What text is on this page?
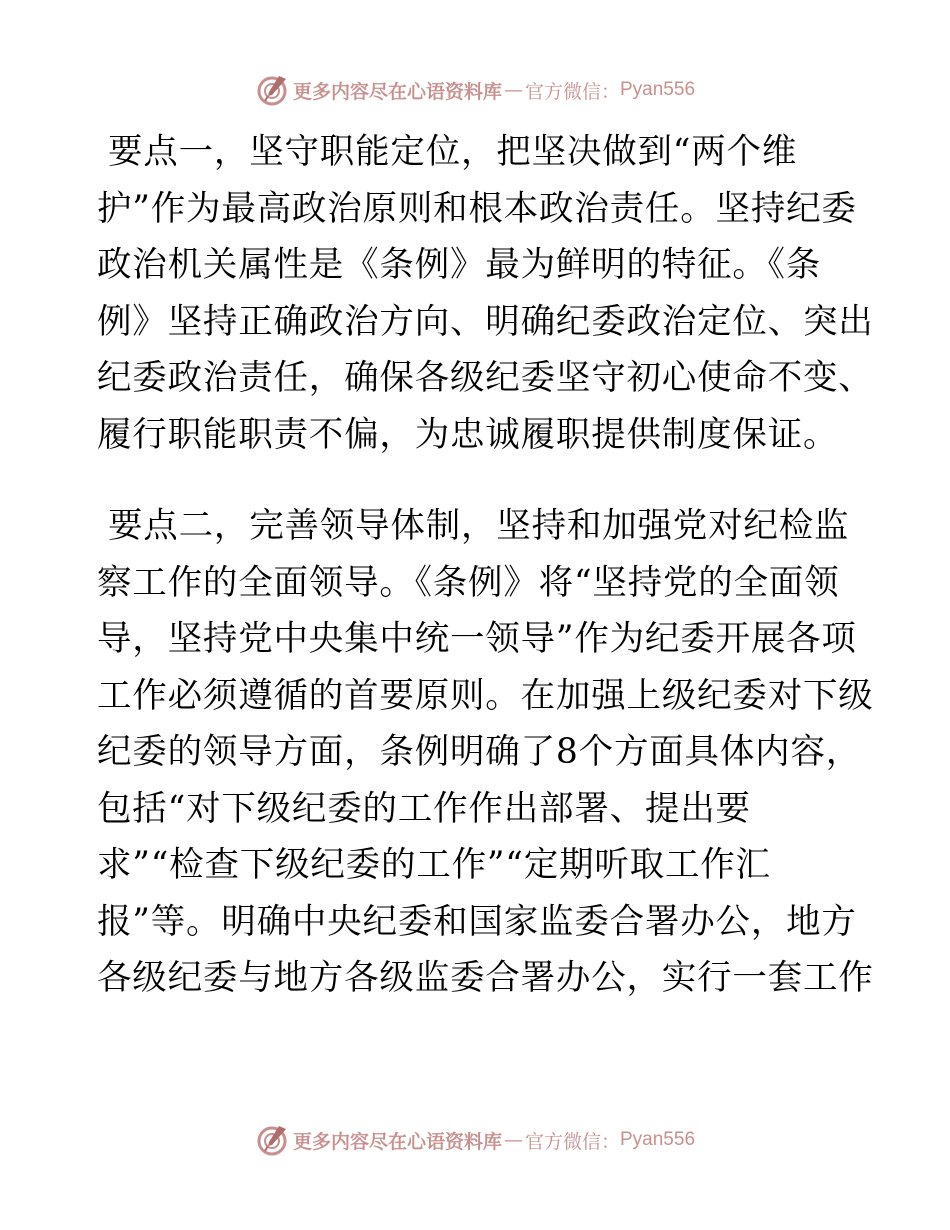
更多内容尽在心语资料库 — 官方微信： Pyan556
要点一，坚守职能定位，把坚决做到“两个维
护”作为最高政治原则和根本政治责任。坚持纪委
政治机关属性是《条例》最为鲜明的特征。《条
例》坚持正确政治方向、明确纪委政治定位、突出
纪委政治责任，确保各级纪委坚守初心使命不变、
履行职能职责不偏，为忠诚履职提供制度保证。
要点二，完善领导体制，坚持和加强党对纪检监
察工作的全面领导。《条例》将“坚持党的全面领
导，坚持党中央集中统一领导”作为纪委开展各项
工作必须遵循的首要原则。在加强上级纪委对下级
纪委的领导方面，条例明确了8个方面具体内容，
包括“对下级纪委的工作作出部署、提出要
求”“检查下级纪委的工作”“定期听取工作汇
报”等。明确中央纪委和国家监委合署办公，地方
各级纪委与地方各级监委合署办公，实行一套工作
更多内容尽在心语资料库 — 官方微信： Pyan556
